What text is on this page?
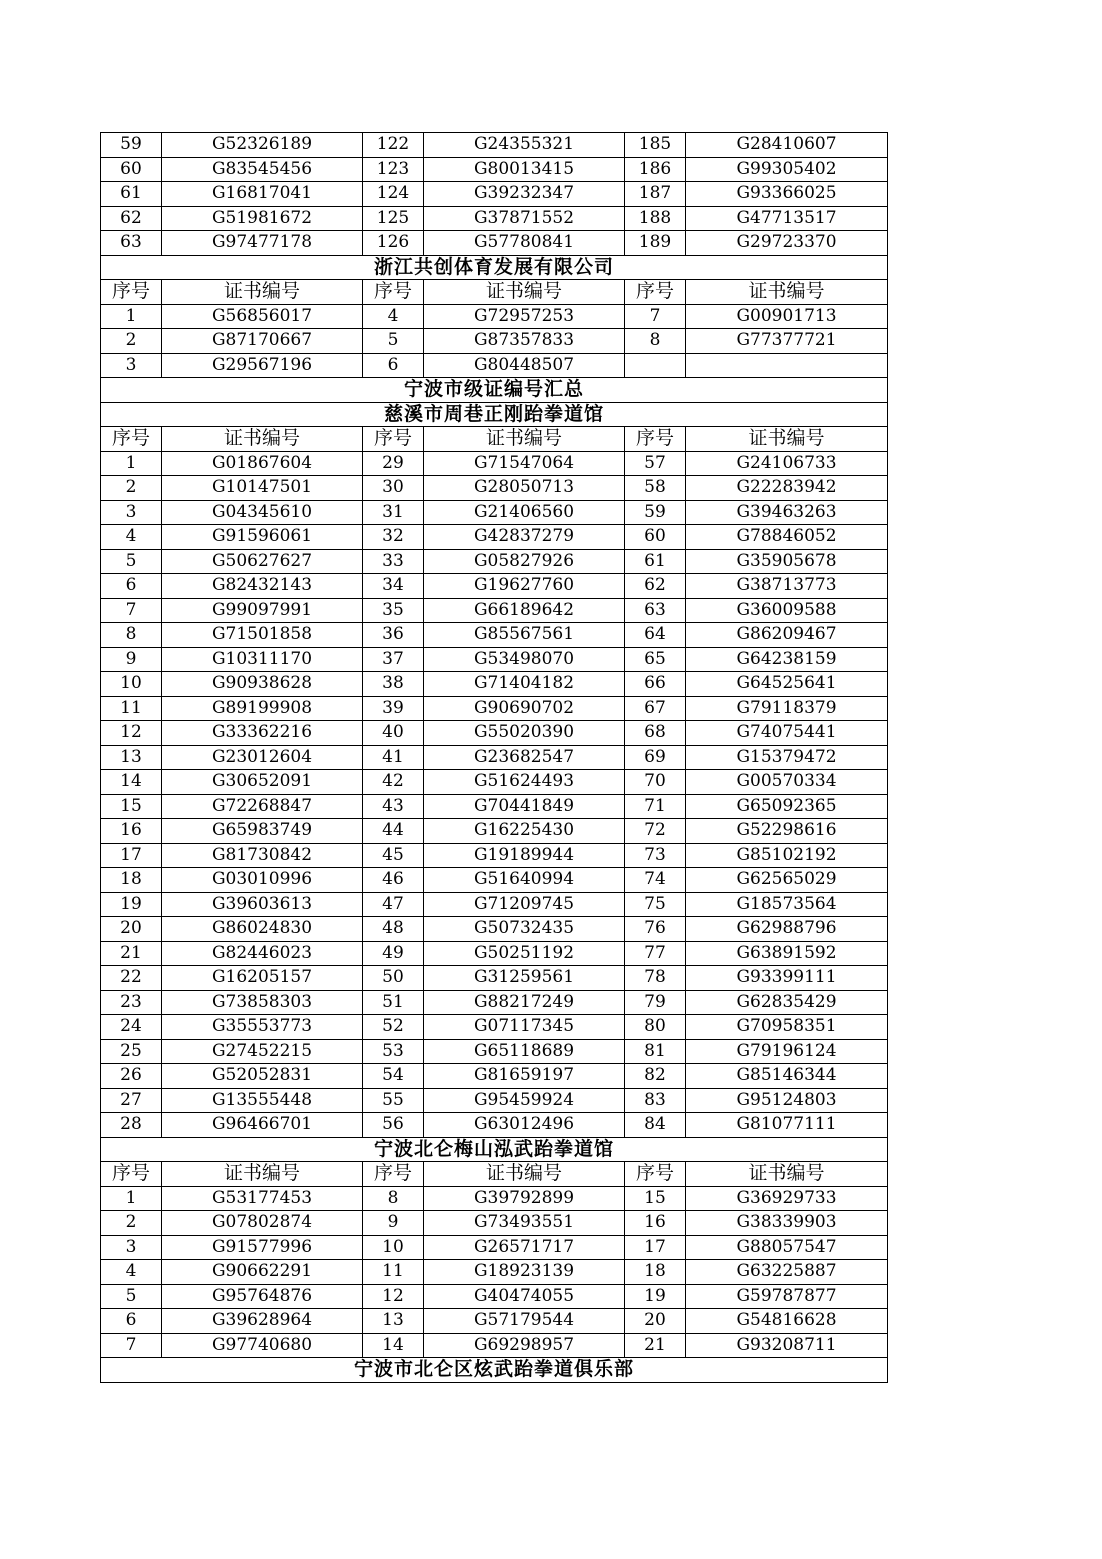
59	G52326189	122	G24355321	185	G28410607
60	G83545456	123	G80013415	186	G99305402
61	G16817041	124	G39232347	187	G93366025
62	G51981672	125	G37871552	188	G47713517
63	G97477178	126	G57780841	189	G29723370
浙江共创体育发展有限公司					
序号	证书编号	序号	证书编号	序号	证书编号
1	G56856017	4	G72957253	7	G00901713
2	G87170667	5	G87357833	8	G77377721
3	G29567196	6	G80448507		
宁波市级证编号汇总					
慈溪市周巷正刚跆拳道馆					
序号	证书编号	序号	证书编号	序号	证书编号
1	G01867604	29	G71547064	57	G24106733
2	G10147501	30	G28050713	58	G22283942
3	G04345610	31	G21406560	59	G39463263
4	G91596061	32	G42837279	60	G78846052
5	G50627627	33	G05827926	61	G35905678
6	G82432143	34	G19627760	62	G38713773
7	G99097991	35	G66189642	63	G36009588
8	G71501858	36	G85567561	64	G86209467
9	G10311170	37	G53498070	65	G64238159
10	G90938628	38	G71404182	66	G64525641
11	G89199908	39	G90690702	67	G79118379
12	G33362216	40	G55020390	68	G74075441
13	G23012604	41	G23682547	69	G15379472
14	G30652091	42	G51624493	70	G00570334
15	G72268847	43	G70441849	71	G65092365
16	G65983749	44	G16225430	72	G52298616
17	G81730842	45	G19189944	73	G85102192
18	G03010996	46	G51640994	74	G62565029
19	G39603613	47	G71209745	75	G18573564
20	G86024830	48	G50732435	76	G62988796
21	G82446023	49	G50251192	77	G63891592
22	G16205157	50	G31259561	78	G93399111
23	G73858303	51	G88217249	79	G62835429
24	G35553773	52	G07117345	80	G70958351
25	G27452215	53	G65118689	81	G79196124
26	G52052831	54	G81659197	82	G85146344
27	G13555448	55	G95459924	83	G95124803
28	G96466701	56	G63012496	84	G81077111
宁波北仑梅山泓武跆拳道馆					
序号	证书编号	序号	证书编号	序号	证书编号
1	G53177453	8	G39792899	15	G36929733
2	G07802874	9	G73493551	16	G38339903
3	G91577996	10	G26571717	17	G88057547
4	G90662291	11	G18923139	18	G63225887
5	G95764876	12	G40474055	19	G59787877
6	G39628964	13	G57179544	20	G54816628
7	G97740680	14	G69298957	21	G93208711
宁波市北仑区炫武跆拳道俱乐部					
